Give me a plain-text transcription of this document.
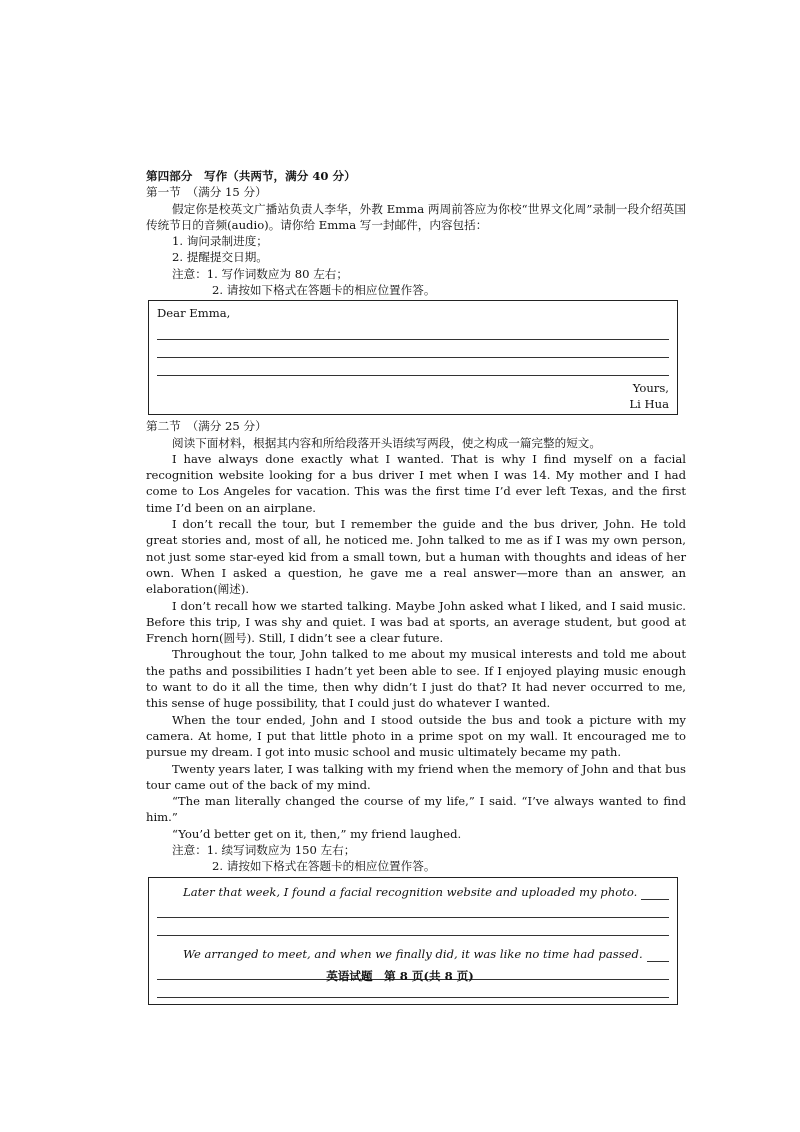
第四部分　写作（共两节，满分 40 分）
第一节　（满分 15 分）

假定你是校英文广播站负责人李华，外教 Emma 两周前答应为你校“世界文化周”录制一段介绍英国传统节日的音频(audio)。请你给 Emma 写一封邮件，内容包括：

1. 询问录制进度；
2. 提醒提交日期。
注意：1. 写作词数应为 80 左右；
2. 请按如下格式在答题卡的相应位置作答。
Dear Emma,
Yours,
Li Hua
第二节　（满分 25 分）

阅读下面材料，根据其内容和所给段落开头语续写两段，使之构成一篇完整的短文。

I have always done exactly what I wanted. That is why I find myself on a facial recognition website looking for a bus driver I met when I was 14. My mother and I had come to Los Angeles for vacation. This was the first time I’d ever left Texas, and the first time I’d been on an airplane.

I don’t recall the tour, but I remember the guide and the bus driver, John. He told great stories and, most of all, he noticed me. John talked to me as if I was my own person, not just some star-eyed kid from a small town, but a human with thoughts and ideas of her own. When I asked a question, he gave me a real answer—more than an answer, an elaboration(阐述).

I don’t recall how we started talking. Maybe John asked what I liked, and I said music. Before this trip, I was shy and quiet. I was bad at sports, an average student, but good at French horn(圆号). Still, I didn’t see a clear future.

Throughout the tour, John talked to me about my musical interests and told me about the paths and possibilities I hadn’t yet been able to see. If I enjoyed playing music enough to want to do it all the time, then why didn’t I just do that? It had never occurred to me, this sense of huge possibility, that I could just do whatever I wanted.

When the tour ended, John and I stood outside the bus and took a picture with my camera. At home, I put that little photo in a prime spot on my wall. It encouraged me to pursue my dream. I got into music school and music ultimately became my path.

Twenty years later, I was talking with my friend when the memory of John and that bus tour came out of the back of my mind.

“The man literally changed the course of my life,” I said. “I’ve always wanted to find him.”

“You’d better get on it, then,” my friend laughed.

注意：1. 续写词数应为 150 左右；
2. 请按如下格式在答题卡的相应位置作答。
Later that week, I found a facial recognition website and uploaded my photo.
We arranged to meet, and when we finally did, it was like no time had passed.
英语试题　第 8 页(共 8 页)
